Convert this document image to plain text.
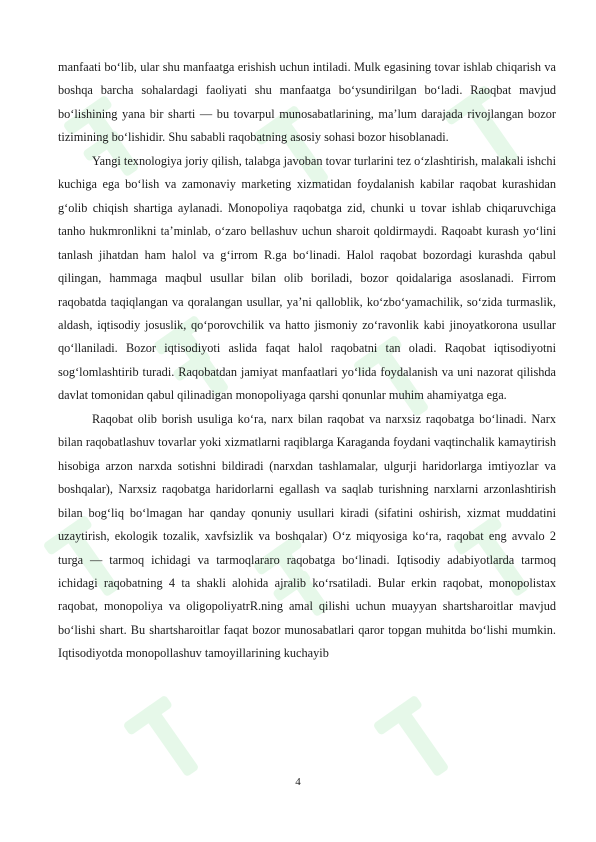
manfaati bo‘lib, ular shu manfaatga erishish uchun intiladi. Mulk egasining tovar ishlab chiqarish va boshqa barcha sohalardagi faoliyati shu manfaatga bo‘ysundirilgan bo‘ladi. Raoqbat mavjud bo‘lishining yana bir sharti — bu tovarpul munosabatlarining, ma’lum darajada rivojlangan bozor tizimining bo‘lishidir. Shu sababli raqobatning asosiy sohasi bozor hisoblanadi.

Yangi texnologiya joriy qilish, talabga javoban tovar turlarini tez o‘zlashtirish, malakali ishchi kuchiga ega bo‘lish va zamonaviy marketing xizmatidan foydalanish kabilar raqobat kurashidan g‘olib chiqish shartiga aylanadi. Monopoliya raqobatga zid, chunki u tovar ishlab chiqaruvchiga tanho hukmronlikni ta’minlab, o‘zaro bellashuv uchun sharoit qoldirmaydi. Raqoabt kurash yo‘lini tanlash jihatdan ham halol va g‘irrom R.ga bo‘linadi. Halol raqobat bozordagi kurashda qabul qilingan, hammaga maqbul usullar bilan olib boriladi, bozor qoidalariga asoslanadi. Firrom raqobatda taqiqlangan va qoralangan usullar, ya’ni qalloblik, ko‘zbo‘yamachilik, so‘zida turmaslik, aldash, iqtisodiy josuslik, qo‘porovchilik va hatto jismoniy zo‘ravonlik kabi jinoyatkorona usullar qo‘llaniladi. Bozor iqtisodiyoti aslida faqat halol raqobatni tan oladi. Raqobat iqtisodiyotni sog‘lomlashtirib turadi. Raqobatdan jamiyat manfaatlari yo‘lida foydalanish va uni nazorat qilishda davlat tomonidan qabul qilinadigan monopoliyaga qarshi qonunlar muhim ahamiyatga ega.

Raqobat olib borish usuliga ko‘ra, narx bilan raqobat va narxsiz raqobatga bo‘linadi. Narx bilan raqobatlashuv tovarlar yoki xizmatlarni raqiblarga Karaganda foydani vaqtinchalik kamaytirish hisobiga arzon narxda sotishni bildiradi (narxdan tashlamalar, ulgurji haridorlarga imtiyozlar va boshqalar), Narxsiz raqobatga haridorlarni egallash va saqlab turishning narxlarni arzonlashtirish bilan bog‘liq bo‘lmagan har qanday qonuniy usullari kiradi (sifatini oshirish, xizmat muddatini uzaytirish, ekologik tozalik, xavfsizlik va boshqalar) O‘z miqyosiga ko‘ra, raqobat eng avvalo 2 turga — tarmoq ichidagi va tarmoqlararo raqobatga bo‘linadi. Iqtisodiy adabiyotlarda tarmoq ichidagi raqobatning 4 ta shakli alohida ajralib ko‘rsatiladi. Bular erkin raqobat, monopolistax raqobat, monopoliya va oligopoliyatrR.ning amal qilishi uchun muayyan shartsharoitlar mavjud bo‘lishi shart. Bu shartsharoitlar faqat bozor munosabatlari qaror topgan muhitda bo‘lishi mumkin. Iqtisodiyotda monopollashuv tamoyillarining kuchayib

4
